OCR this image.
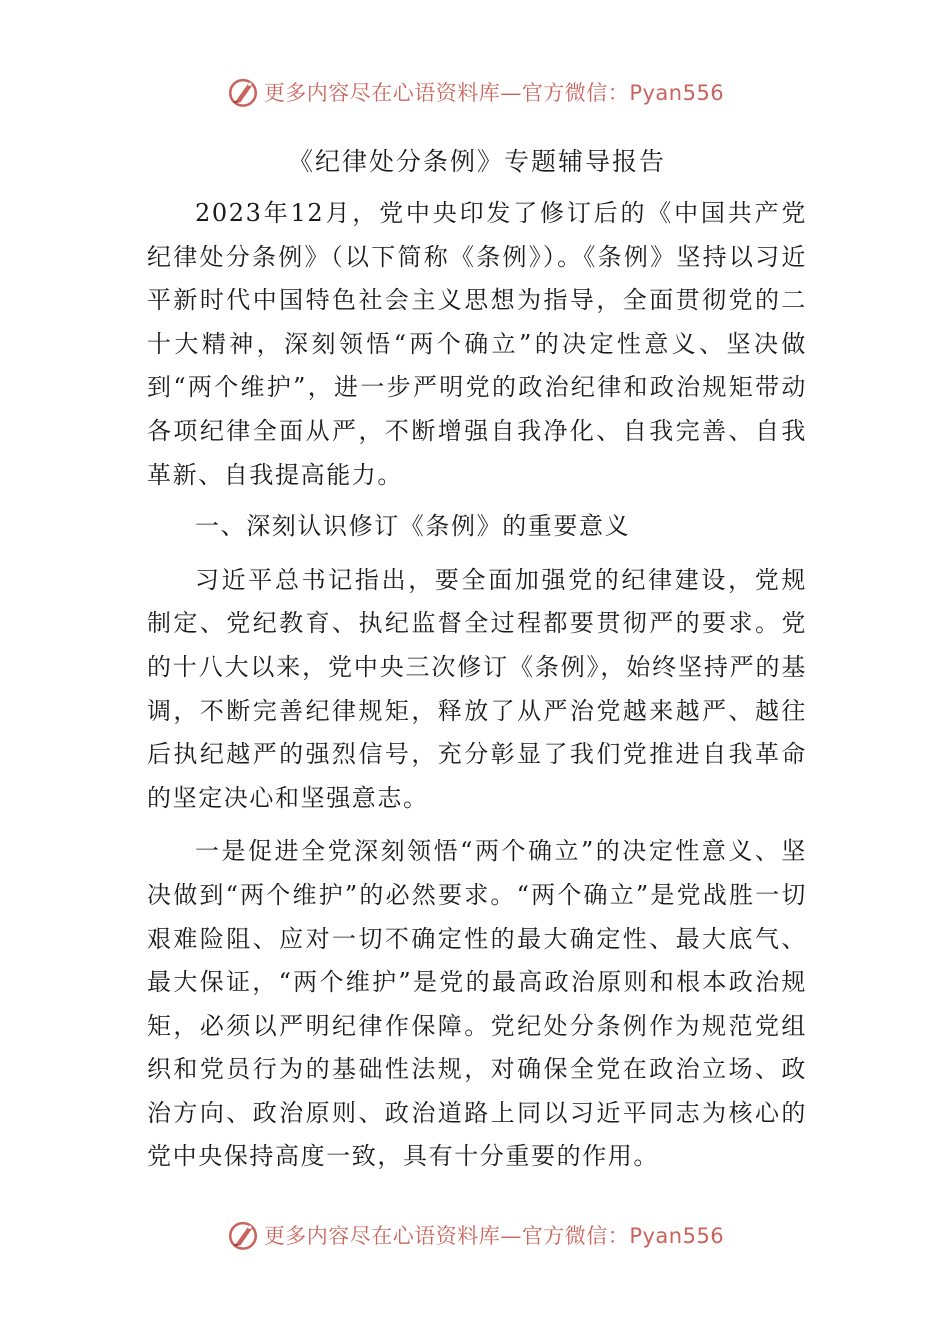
更多内容尽在心语资料库—官方微信：Pyan556
《纪律处分条例》专题辅导报告

2023年12月，党中央印发了修订后的《中国共产党纪律处分条例》（以下简称《条例》）。《条例》坚持以习近平新时代中国特色社会主义思想为指导，全面贯彻党的二十大精神，深刻领悟“两个确立”的决定性意义、坚决做到“两个维护”，进一步严明党的政治纪律和政治规矩带动各项纪律全面从严，不断增强自我净化、自我完善、自我革新、自我提高能力。

一、深刻认识修订《条例》的重要意义

习近平总书记指出，要全面加强党的纪律建设，党规制定、党纪教育、执纪监督全过程都要贯彻严的要求。党的十八大以来，党中央三次修订《条例》，始终坚持严的基调，不断完善纪律规矩，释放了从严治党越来越严、越往后执纪越严的强烈信号，充分彰显了我们党推进自我革命的坚定决心和坚强意志。

一是促进全党深刻领悟“两个确立”的决定性意义、坚决做到“两个维护”的必然要求。“两个确立”是党战胜一切艰难险阻、应对一切不确定性的最大确定性、最大底气、最大保证，“两个维护”是党的最高政治原则和根本政治规矩，必须以严明纪律作保障。党纪处分条例作为规范党组织和党员行为的基础性法规，对确保全党在政治立场、政治方向、政治原则、政治道路上同以习近平同志为核心的党中央保持高度一致，具有十分重要的作用。

更多内容尽在心语资料库—官方微信：Pyan556
